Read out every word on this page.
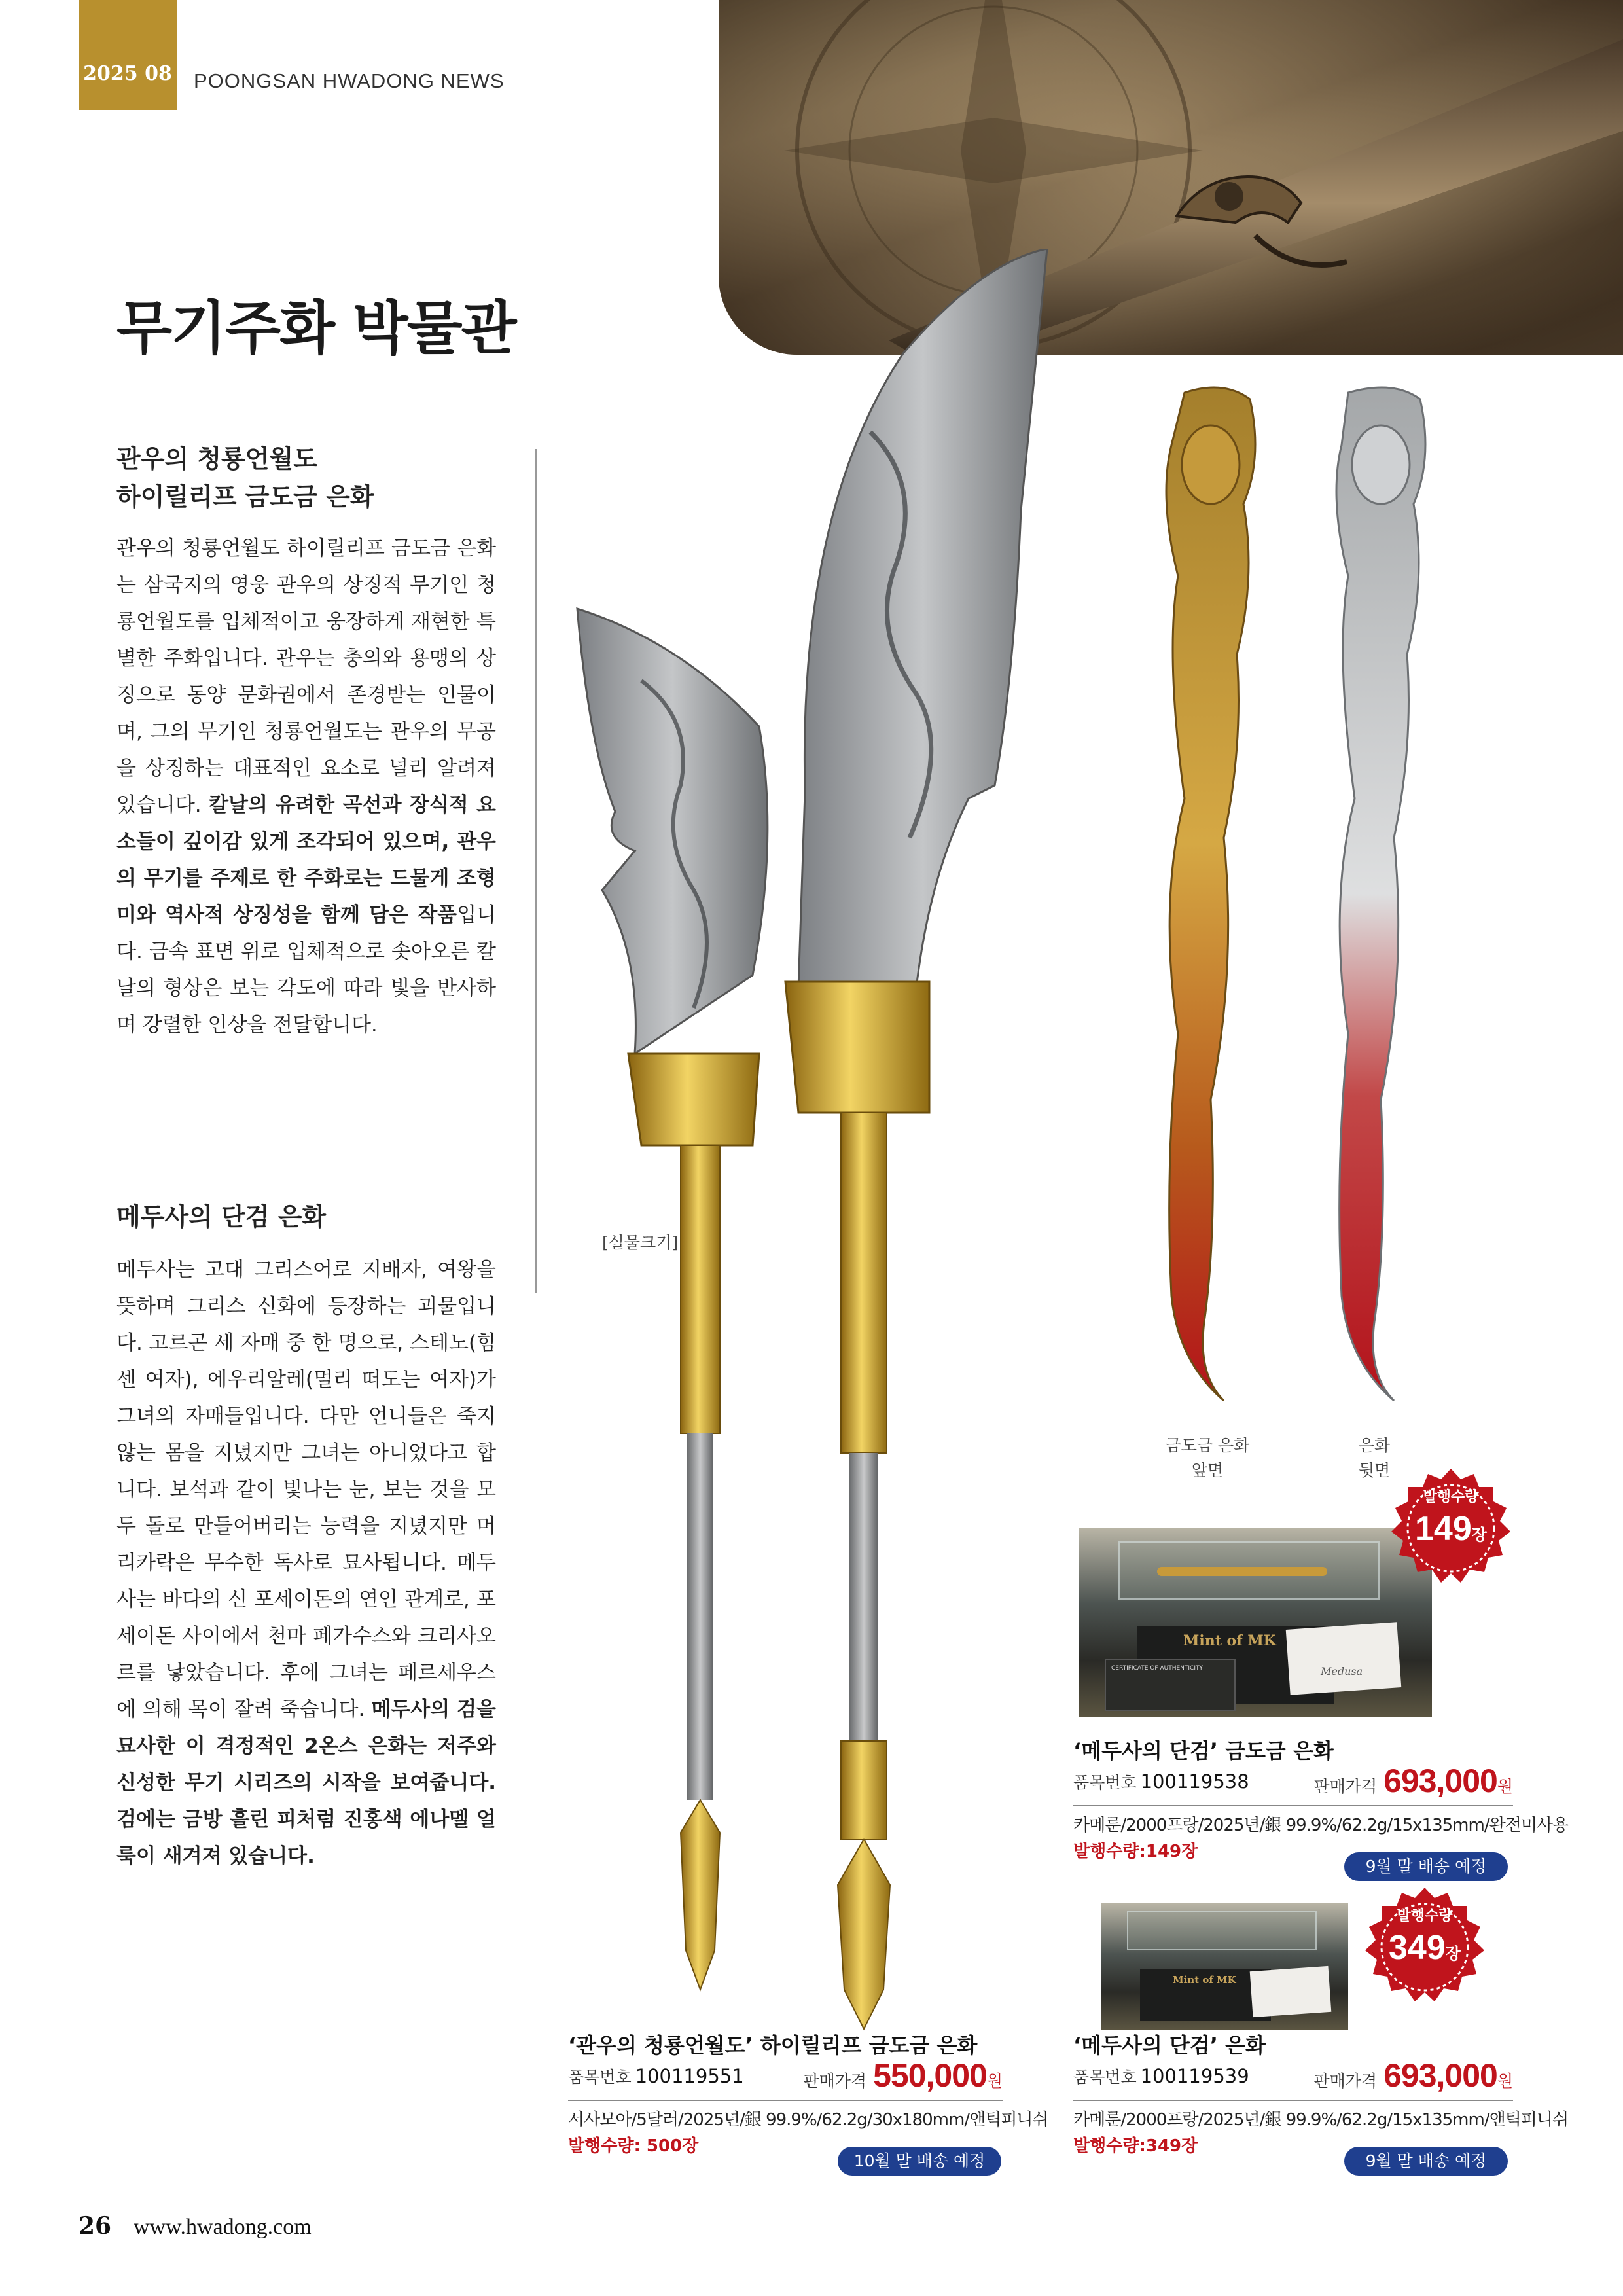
2025 08 POONGSAN HWADONG NEWS
무기주화 박물관
관우의 청룡언월도
하이릴리프 금도금 은화
관우의 청룡언월도 하이릴리프 금도금 은화는 삼국지의 영웅 관우의 상징적 무기인 청룡언월도를 입체적이고 웅장하게 재현한 특별한 주화입니다. 관우는 충의와 용맹의 상징으로 동양 문화권에서 존경받는 인물이며, 그의 무기인 청룡언월도는 관우의 무공을 상징하는 대표적인 요소로 널리 알려져 있습니다. 칼날의 유려한 곡선과 장식적 요소들이 깊이감 있게 조각되어 있으며, 관우의 무기를 주제로 한 주화로는 드물게 조형미와 역사적 상징성을 함께 담은 작품입니다. 금속 표면 위로 입체적으로 솟아오른 칼날의 형상은 보는 각도에 따라 빛을 반사하며 강렬한 인상을 전달합니다.
메두사의 단검 은화
메두사는 고대 그리스어로 지배자, 여왕을 뜻하며 그리스 신화에 등장하는 괴물입니다. 고르곤 세 자매 중 한 명으로, 스테노(힘센 여자), 에우리알레(멀리 떠도는 여자)가 그녀의 자매들입니다. 다만 언니들은 죽지 않는 몸을 지녔지만 그녀는 아니었다고 합니다. 보석과 같이 빛나는 눈, 보는 것을 모두 돌로 만들어버리는 능력을 지녔지만 머리카락은 무수한 독사로 묘사됩니다. 메두사는 바다의 신 포세이돈의 연인 관계로, 포세이돈 사이에서 천마 페가수스와 크리사오르를 낳았습니다. 후에 그녀는 페르세우스에 의해 목이 잘려 죽습니다. 메두사의 검을 묘사한 이 격정적인 2온스 은화는 저주와 신성한 무기 시리즈의 시작을 보여줍니다. 검에는 금방 흘린 피처럼 진홍색 에나멜 얼룩이 새겨져 있습니다.
[실물크기]
금도금 은화
앞면
은화
뒷면
Mint of MK
CERTIFICATE OF AUTHENTICITY	Medusa
발행수량
149장
‘메두사의 단검’ 금도금 은화
품목번호 100119538	판매가격 693,000원
카메룬/2000프랑/2025년/銀 99.9%/62.2g/15x135mm/완전미사용
발행수량:149장
9월 말 배송 예정
Mint of MK
발행수량
349장
‘관우의 청룡언월도’ 하이릴리프 금도금 은화
품목번호 100119551	판매가격 550,000원
서사모아/5달러/2025년/銀 99.9%/62.2g/30x180mm/앤틱피니쉬
발행수량: 500장
10월 말 배송 예정
‘메두사의 단검’ 은화
품목번호 100119539	판매가격 693,000원
카메룬/2000프랑/2025년/銀 99.9%/62.2g/15x135mm/앤틱피니쉬
발행수량:349장
9월 말 배송 예정
26 www.hwadong.com
